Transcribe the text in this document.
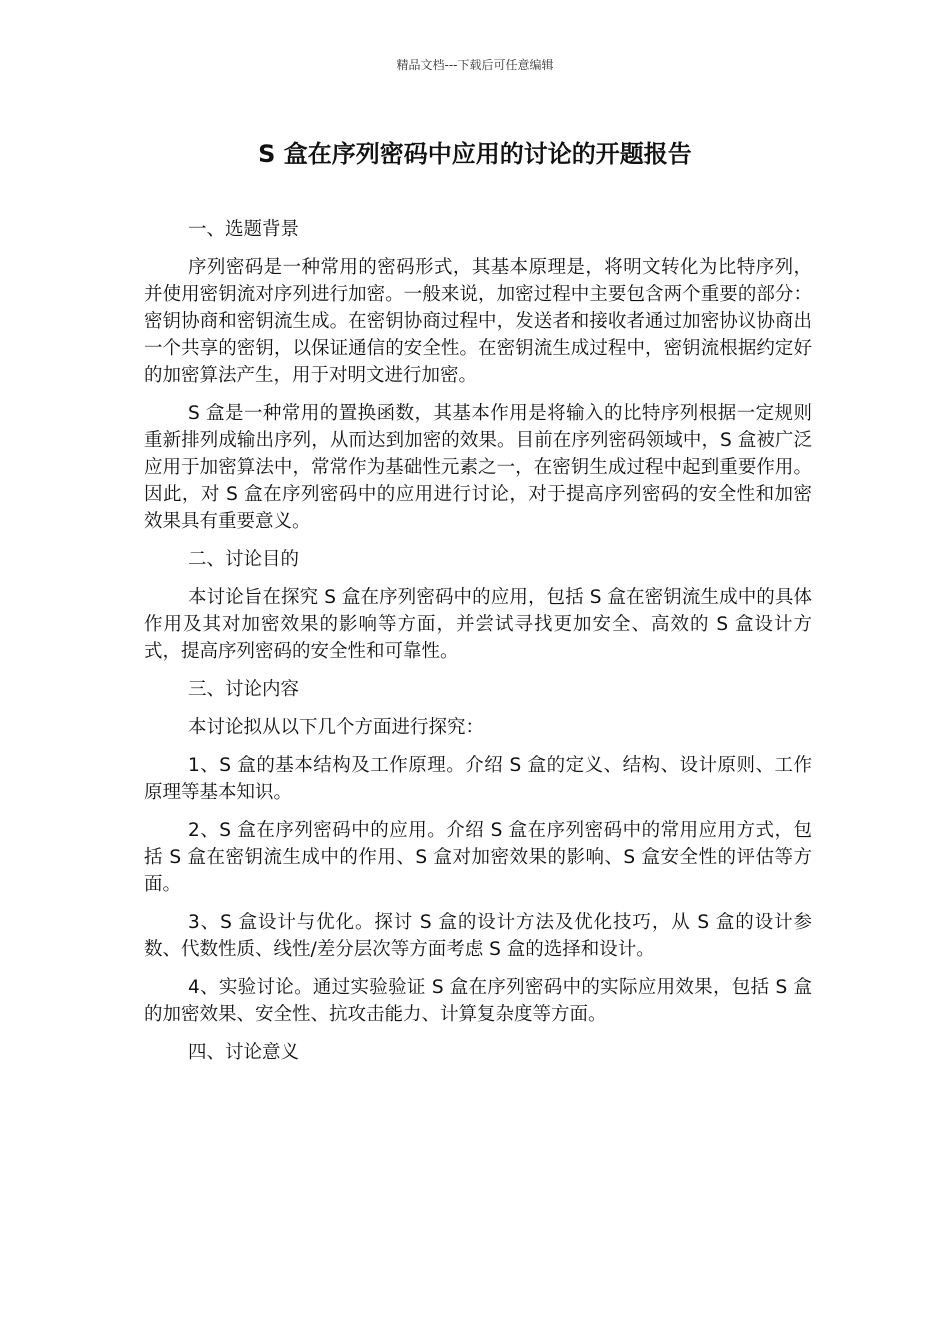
精品文档---下载后可任意编辑
S 盒在序列密码中应用的讨论的开题报告
一、选题背景
序列密码是一种常用的密码形式，其基本原理是，将明文转化为比特序列，并使用密钥流对序列进行加密。一般来说，加密过程中主要包含两个重要的部分：密钥协商和密钥流生成。在密钥协商过程中，发送者和接收者通过加密协议协商出一个共享的密钥，以保证通信的安全性。在密钥流生成过程中，密钥流根据约定好的加密算法产生，用于对明文进行加密。
S 盒是一种常用的置换函数，其基本作用是将输入的比特序列根据一定规则重新排列成输出序列，从而达到加密的效果。目前在序列密码领域中，S 盒被广泛应用于加密算法中，常常作为基础性元素之一，在密钥生成过程中起到重要作用。因此，对 S 盒在序列密码中的应用进行讨论，对于提高序列密码的安全性和加密效果具有重要意义。
二、讨论目的
本讨论旨在探究 S 盒在序列密码中的应用，包括 S 盒在密钥流生成中的具体作用及其对加密效果的影响等方面，并尝试寻找更加安全、高效的 S 盒设计方式，提高序列密码的安全性和可靠性。
三、讨论内容
本讨论拟从以下几个方面进行探究：
1、S 盒的基本结构及工作原理。介绍 S 盒的定义、结构、设计原则、工作原理等基本知识。
2、S 盒在序列密码中的应用。介绍 S 盒在序列密码中的常用应用方式，包括 S 盒在密钥流生成中的作用、S 盒对加密效果的影响、S 盒安全性的评估等方面。
3、S 盒设计与优化。探讨 S 盒的设计方法及优化技巧，从 S 盒的设计参数、代数性质、线性/差分层次等方面考虑 S 盒的选择和设计。
4、实验讨论。通过实验验证 S 盒在序列密码中的实际应用效果，包括 S 盒的加密效果、安全性、抗攻击能力、计算复杂度等方面。
四、讨论意义
